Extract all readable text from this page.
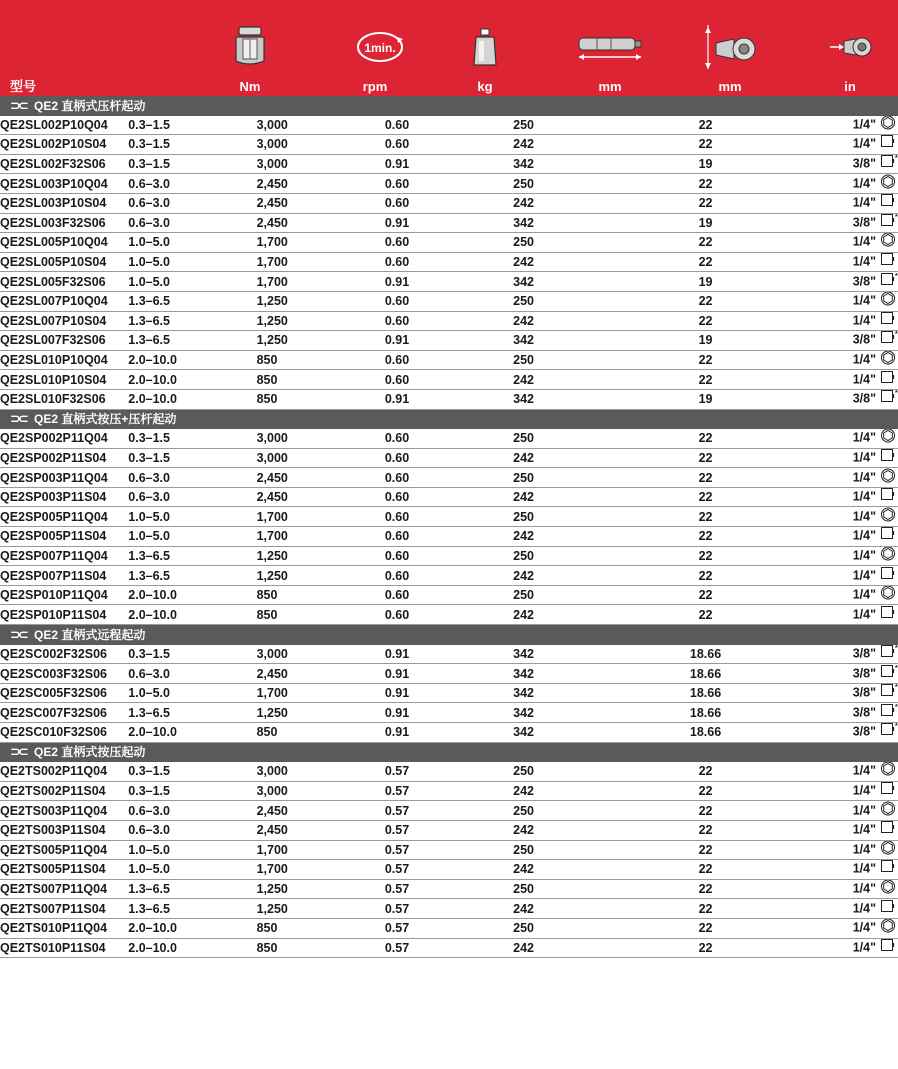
1min.
型号	Nm	rpm	kg	mm	mm	in
⊃⊂ QE2 直柄式压杆起动						
QE2SL002P10Q04	0.3–1.5	3,000	0.60	250	22	1/4"
QE2SL002P10S04	0.3–1.5	3,000	0.60	242	22	1/4"
QE2SL002F32S06	0.3–1.5	3,000	0.91	342	19	3/8" *

QE2SL003P10Q04	0.6–3.0	2,450	0.60	250	22	1/4"
QE2SL003P10S04	0.6–3.0	2,450	0.60	242	22	1/4"
QE2SL003F32S06	0.6–3.0	2,450	0.91	342	19	3/8" *

QE2SL005P10Q04	1.0–5.0	1,700	0.60	250	22	1/4"
QE2SL005P10S04	1.0–5.0	1,700	0.60	242	22	1/4"
QE2SL005F32S06	1.0–5.0	1,700	0.91	342	19	3/8" *

QE2SL007P10Q04	1.3–6.5	1,250	0.60	250	22	1/4"
QE2SL007P10S04	1.3–6.5	1,250	0.60	242	22	1/4"
QE2SL007F32S06	1.3–6.5	1,250	0.91	342	19	3/8" *

QE2SL010P10Q04	2.0–10.0	850	0.60	250	22	1/4"
QE2SL010P10S04	2.0–10.0	850	0.60	242	22	1/4"
QE2SL010F32S06	2.0–10.0	850	0.91	342	19	3/8" *

⊃⊂ QE2 直柄式按压+压杆起动						
QE2SP002P11Q04	0.3–1.5	3,000	0.60	250	22	1/4"
QE2SP002P11S04	0.3–1.5	3,000	0.60	242	22	1/4"
QE2SP003P11Q04	0.6–3.0	2,450	0.60	250	22	1/4"
QE2SP003P11S04	0.6–3.0	2,450	0.60	242	22	1/4"
QE2SP005P11Q04	1.0–5.0	1,700	0.60	250	22	1/4"
QE2SP005P11S04	1.0–5.0	1,700	0.60	242	22	1/4"
QE2SP007P11Q04	1.3–6.5	1,250	0.60	250	22	1/4"
QE2SP007P11S04	1.3–6.5	1,250	0.60	242	22	1/4"
QE2SP010P11Q04	2.0–10.0	850	0.60	250	22	1/4"
QE2SP010P11S04	2.0–10.0	850	0.60	242	22	1/4"
⊃⊂ QE2 直柄式远程起动						
QE2SC002F32S06	0.3–1.5	3,000	0.91	342	18.66	3/8" *

QE2SC003F32S06	0.6–3.0	2,450	0.91	342	18.66	3/8" *

QE2SC005F32S06	1.0–5.0	1,700	0.91	342	18.66	3/8" *

QE2SC007F32S06	1.3–6.5	1,250	0.91	342	18.66	3/8" *

QE2SC010F32S06	2.0–10.0	850	0.91	342	18.66	3/8" *

⊃⊂ QE2 直柄式按压起动						
QE2TS002P11Q04	0.3–1.5	3,000	0.57	250	22	1/4"
QE2TS002P11S04	0.3–1.5	3,000	0.57	242	22	1/4"
QE2TS003P11Q04	0.6–3.0	2,450	0.57	250	22	1/4"
QE2TS003P11S04	0.6–3.0	2,450	0.57	242	22	1/4"
QE2TS005P11Q04	1.0–5.0	1,700	0.57	250	22	1/4"
QE2TS005P11S04	1.0–5.0	1,700	0.57	242	22	1/4"
QE2TS007P11Q04	1.3–6.5	1,250	0.57	250	22	1/4"
QE2TS007P11S04	1.3–6.5	1,250	0.57	242	22	1/4"
QE2TS010P11Q04	2.0–10.0	850	0.57	250	22	1/4"
QE2TS010P11S04	2.0–10.0	850	0.57	242	22	1/4"
